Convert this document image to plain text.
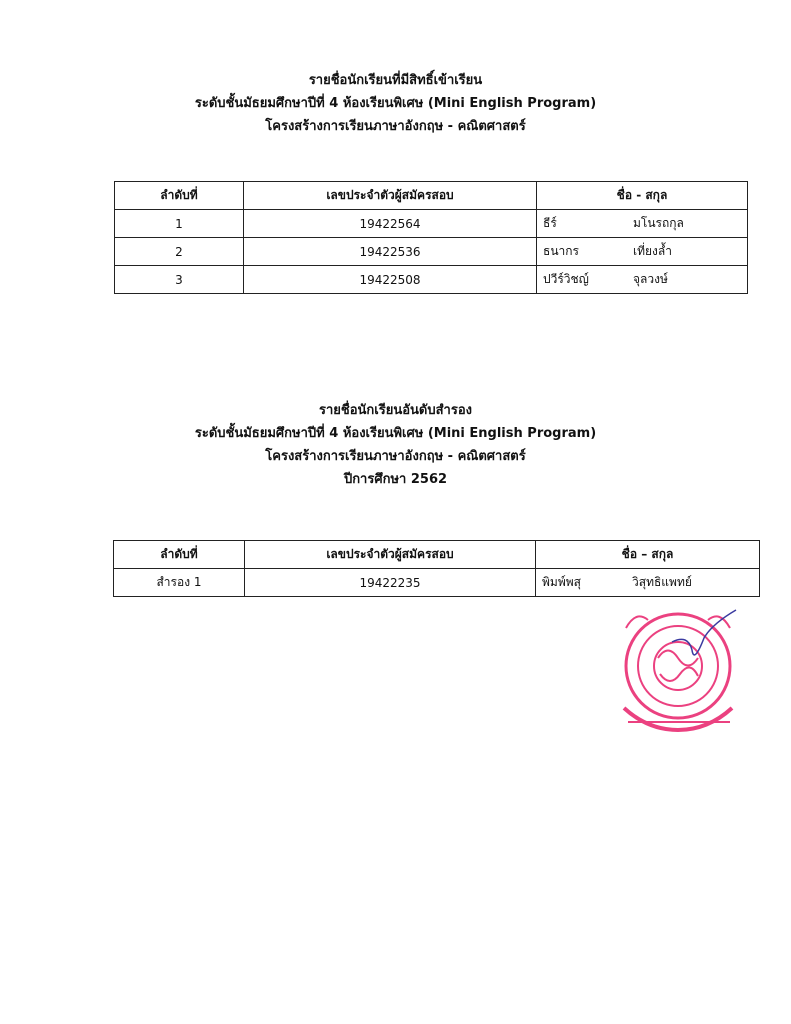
รายชื่อนักเรียนที่มีสิทธิ์เข้าเรียน
ระดับชั้นมัธยมศึกษาปีที่ 4 ห้องเรียนพิเศษ (Mini English Program)
โครงสร้างการเรียนภาษาอังกฤษ - คณิตศาสตร์
ลำดับที่	เลขประจำตัวผู้สมัครสอบ	ชื่อ - สกุล
1	19422564	ธีร์ มโนรถกุล
2	19422536	ธนากร เที่ยงล้ำ
3	19422508	ปวีร์วิชญ์ จุลวงษ์
รายชื่อนักเรียนอันดับสำรอง
ระดับชั้นมัธยมศึกษาปีที่ 4 ห้องเรียนพิเศษ (Mini English Program)
โครงสร้างการเรียนภาษาอังกฤษ - คณิตศาสตร์
ปีการศึกษา 2562
ลำดับที่	เลขประจำตัวผู้สมัครสอบ	ชื่อ – สกุล
สำรอง 1	19422235	พิมพ์พสุ วิสุทธิแพทย์
